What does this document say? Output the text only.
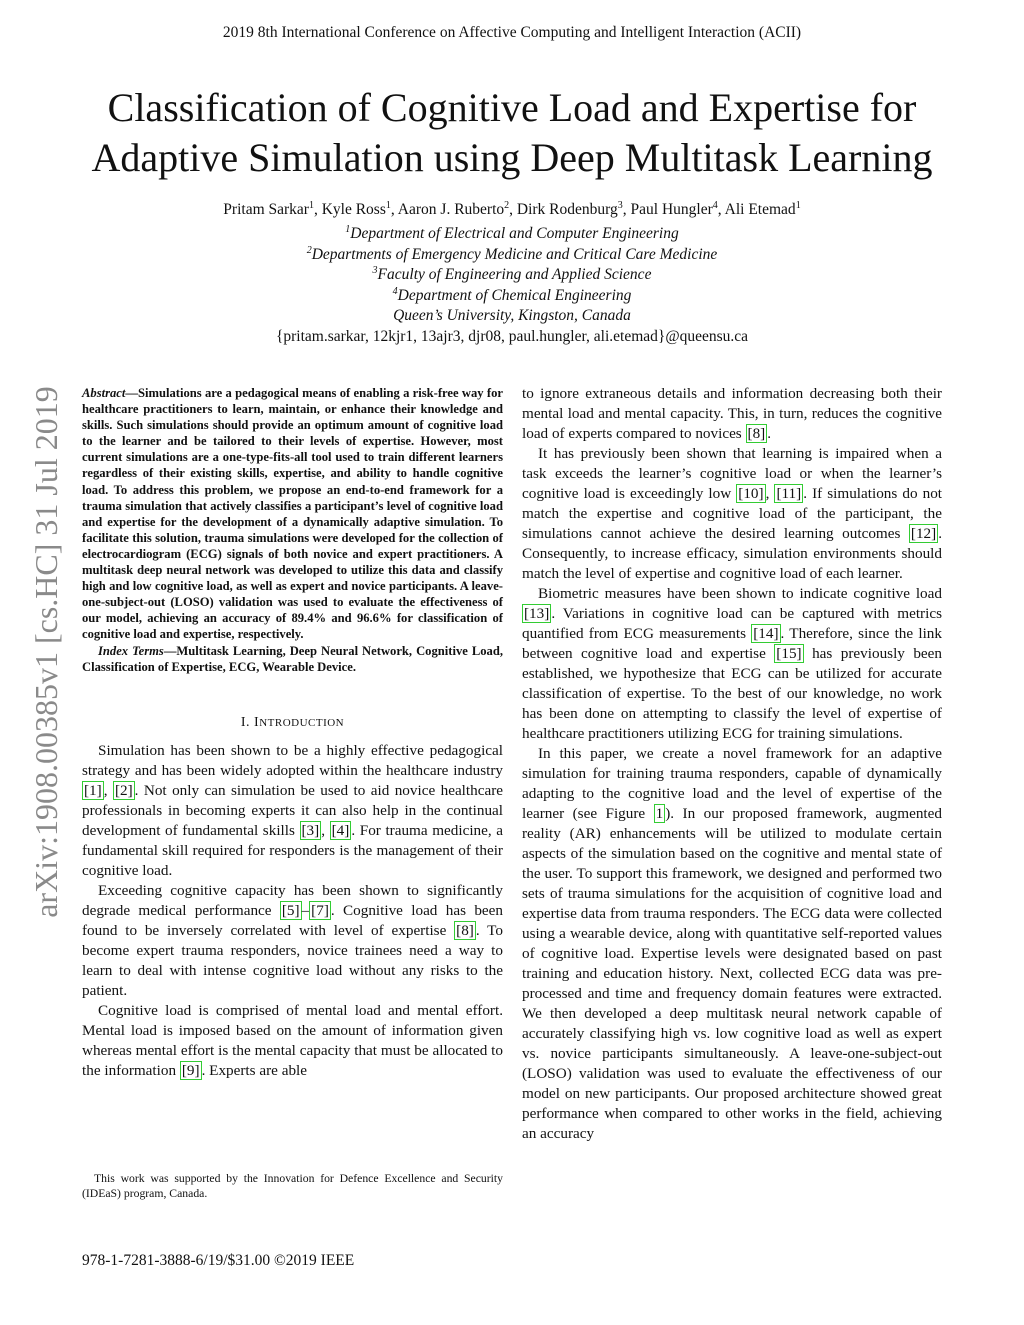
2019 8th International Conference on Affective Computing and Intelligent Interaction (ACII)
Classification of Cognitive Load and Expertise for
Adaptive Simulation using Deep Multitask Learning
Pritam Sarkar$^1$, Kyle Ross$^1$, Aaron J. Ruberto$^2$, Dirk Rodenburg$^3$, Paul Hungler$^4$, Ali Etemad$^1$
$^1$Department of Electrical and Computer Engineering
$^2$Departments of Emergency Medicine and Critical Care Medicine
$^3$Faculty of Engineering and Applied Science
$^4$Department of Chemical Engineering
Queen’s University, Kingston, Canada
{pritam.sarkar, 12kjr1, 13ajr3, djr08, paul.hungler, ali.etemad}@queensu.ca
arXiv:1908.00385v1 [cs.HC] 31 Jul 2019 Abstract—Simulations are a pedagogical means of enabling a risk-free way for healthcare practitioners to learn, maintain, or enhance their knowledge and skills. Such simulations should provide an optimum amount of cognitive load to the learner and be tailored to their levels of expertise. However, most current simulations are a one-type-fits-all tool used to train different learners regardless of their existing skills, expertise, and ability to handle cognitive load. To address this problem, we propose an end-to-end framework for a trauma simulation that actively classifies a participant’s level of cognitive load and expertise for the development of a dynamically adaptive simulation. To facilitate this solution, trauma simulations were developed for the collection of electrocardiogram (ECG) signals of both novice and expert practitioners. A multitask deep neural network was developed to utilize this data and classify high and low cognitive load, as well as expert and novice participants. A leave-one-subject-out (LOSO) validation was used to evaluate the effectiveness of our model, achieving an accuracy of 89.4% and 96.6% for classification of cognitive load and expertise, respectively.

Index Terms—Multitask Learning, Deep Neural Network, Cognitive Load, Classification of Expertise, ECG, Wearable Device.

I. INTRODUCTION

Simulation has been shown to be a highly effective pedagogical strategy and has been widely adopted within the healthcare industry [1] , [2] . Not only can simulation be used to aid novice healthcare professionals in becoming experts it can also help in the continual development of fundamental skills [3] , [4] . For trauma medicine, a fundamental skill required for responders is the management of their cognitive load.

Exceeding cognitive capacity has been shown to significantly degrade medical performance [5] – [7] . Cognitive load has been found to be inversely correlated with level of expertise [8] . To become expert trauma responders, novice trainees need a way to learn to deal with intense cognitive load without any risks to the patient.

Cognitive load is comprised of mental load and mental effort. Mental load is imposed based on the amount of information given whereas mental effort is the mental capacity that must be allocated to the information [9] . Experts are able

to ignore extraneous details and information decreasing both their mental load and mental capacity. This, in turn, reduces the cognitive load of experts compared to novices [8] .

It has previously been shown that learning is impaired when a task exceeds the learner’s cognitive load or when the learner’s cognitive load is exceedingly low [10] , [11] . If simulations do not match the expertise and cognitive load of the participant, the simulations cannot achieve the desired learning outcomes [12] . Consequently, to increase efficacy, simulation environments should match the level of expertise and cognitive load of each learner.

Biometric measures have been shown to indicate cognitive load [13] . Variations in cognitive load can be captured with metrics quantified from ECG measurements [14] . Therefore, since the link between cognitive load and expertise [15] has previously been established, we hypothesize that ECG can be utilized for accurate classification of expertise. To the best of our knowledge, no work has been done on attempting to classify the level of expertise of healthcare practitioners utilizing ECG for training simulations.

In this paper, we create a novel framework for an adaptive simulation for training trauma responders, capable of dynamically adapting to the cognitive load and the level of expertise of the learner (see Figure 1 ). In our proposed framework, augmented reality (AR) enhancements will be utilized to modulate certain aspects of the simulation based on the cognitive and mental state of the user. To support this framework, we designed and performed two sets of trauma simulations for the acquisition of cognitive load and expertise data from trauma responders. The ECG data were collected using a wearable device, along with quantitative self-reported values of cognitive load. Expertise levels were designated based on past training and education history. Next, collected ECG data was pre-processed and time and frequency domain features were extracted. We then developed a deep multitask neural network capable of accurately classifying high vs. low cognitive load as well as expert vs. novice participants simultaneously. A leave-one-subject-out (LOSO) validation was used to evaluate the effectiveness of our model on new participants. Our proposed architecture showed great performance when compared to other works in the field, achieving an accuracy

This work was supported by the Innovation for Defence Excellence and Security (IDEaS) program, Canada.
978-1-7281-3888-6/19/$31.00 ©2019 IEEE
